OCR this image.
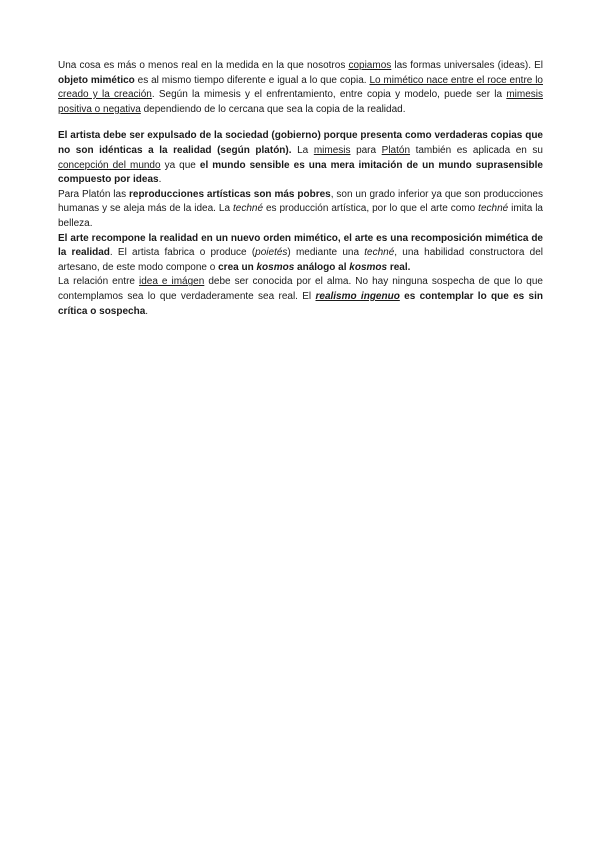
Una cosa es más o menos real en la medida en la que nosotros copiamos las formas universales (ideas). El objeto mimético es al mismo tiempo diferente e igual a lo que copia. Lo mimético nace entre el roce entre lo creado y la creación. Según la mimesis y el enfrentamiento, entre copia y modelo, puede ser la mimesis positiva o negativa dependiendo de lo cercana que sea la copia de la realidad.

El artista debe ser expulsado de la sociedad (gobierno) porque presenta como verdaderas copias que no son idénticas a la realidad (según platón). La mimesis para Platón también es aplicada en su concepción del mundo ya que el mundo sensible es una mera imitación de un mundo suprasensible compuesto por ideas.

Para Platón las reproducciones artísticas son más pobres, son un grado inferior ya que son producciones humanas y se aleja más de la idea. La techné es producción artística, por lo que el arte como techné imita la belleza.

El arte recompone la realidad en un nuevo orden mimético, el arte es una recomposición mimética de la realidad. El artista fabrica o produce (poietés) mediante una techné, una habilidad constructora del artesano, de este modo compone o crea un kosmos análogo al kosmos real.

La relación entre idea e imágen debe ser conocida por el alma. No hay ninguna sospecha de que lo que contemplamos sea lo que verdaderamente sea real. El realismo ingenuo es contemplar lo que es sin crítica o sospecha.
